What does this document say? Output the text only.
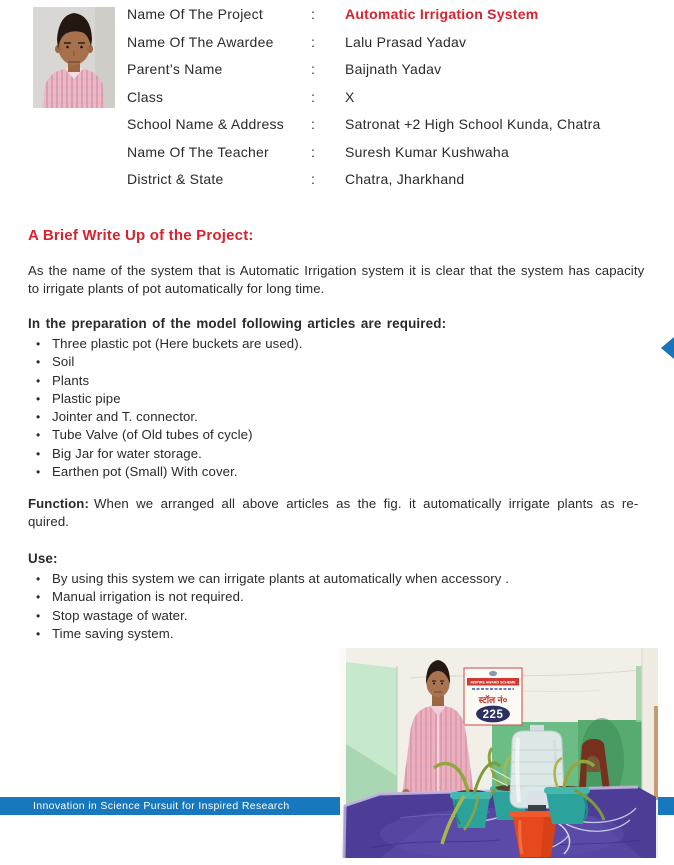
Name Of The Project	:	Automatic Irrigation System
Name Of The Awardee	:	Lalu Prasad Yadav
Parent’s Name	:	Baijnath Yadav
Class	:	X
School Name & Address	:	Satronat +2 High School Kunda, Chatra
Name Of The Teacher	:	Suresh Kumar Kushwaha
District & State	:	Chatra, Jharkhand
A Brief Write Up of the Project:
As the name of the system that is Automatic Irrigation system it is clear that the system has capacity
to irrigate plants of pot automatically for long time.
In the preparation of the model following articles are required:
• Three plastic pot (Here buckets are used).
• Soil
• Plants
• Plastic pipe
• Jointer and T. connector.
• Tube Valve (of Old tubes of cycle)
• Big Jar for water storage.
• Earthen pot (Small) With cover.
Function: When we arranged all above articles as the fig. it automatically irrigate plants as re-
quired.
Use:
• By using this system we can irrigate plants at automatically when accessory .
• Manual irrigation is not required.
• Stop wastage of water.
• Time saving system.
Innovation in Science Pursuit for Inspired Research
INSPIRE AWARD SCHEME
स्टॉल नं०
225
